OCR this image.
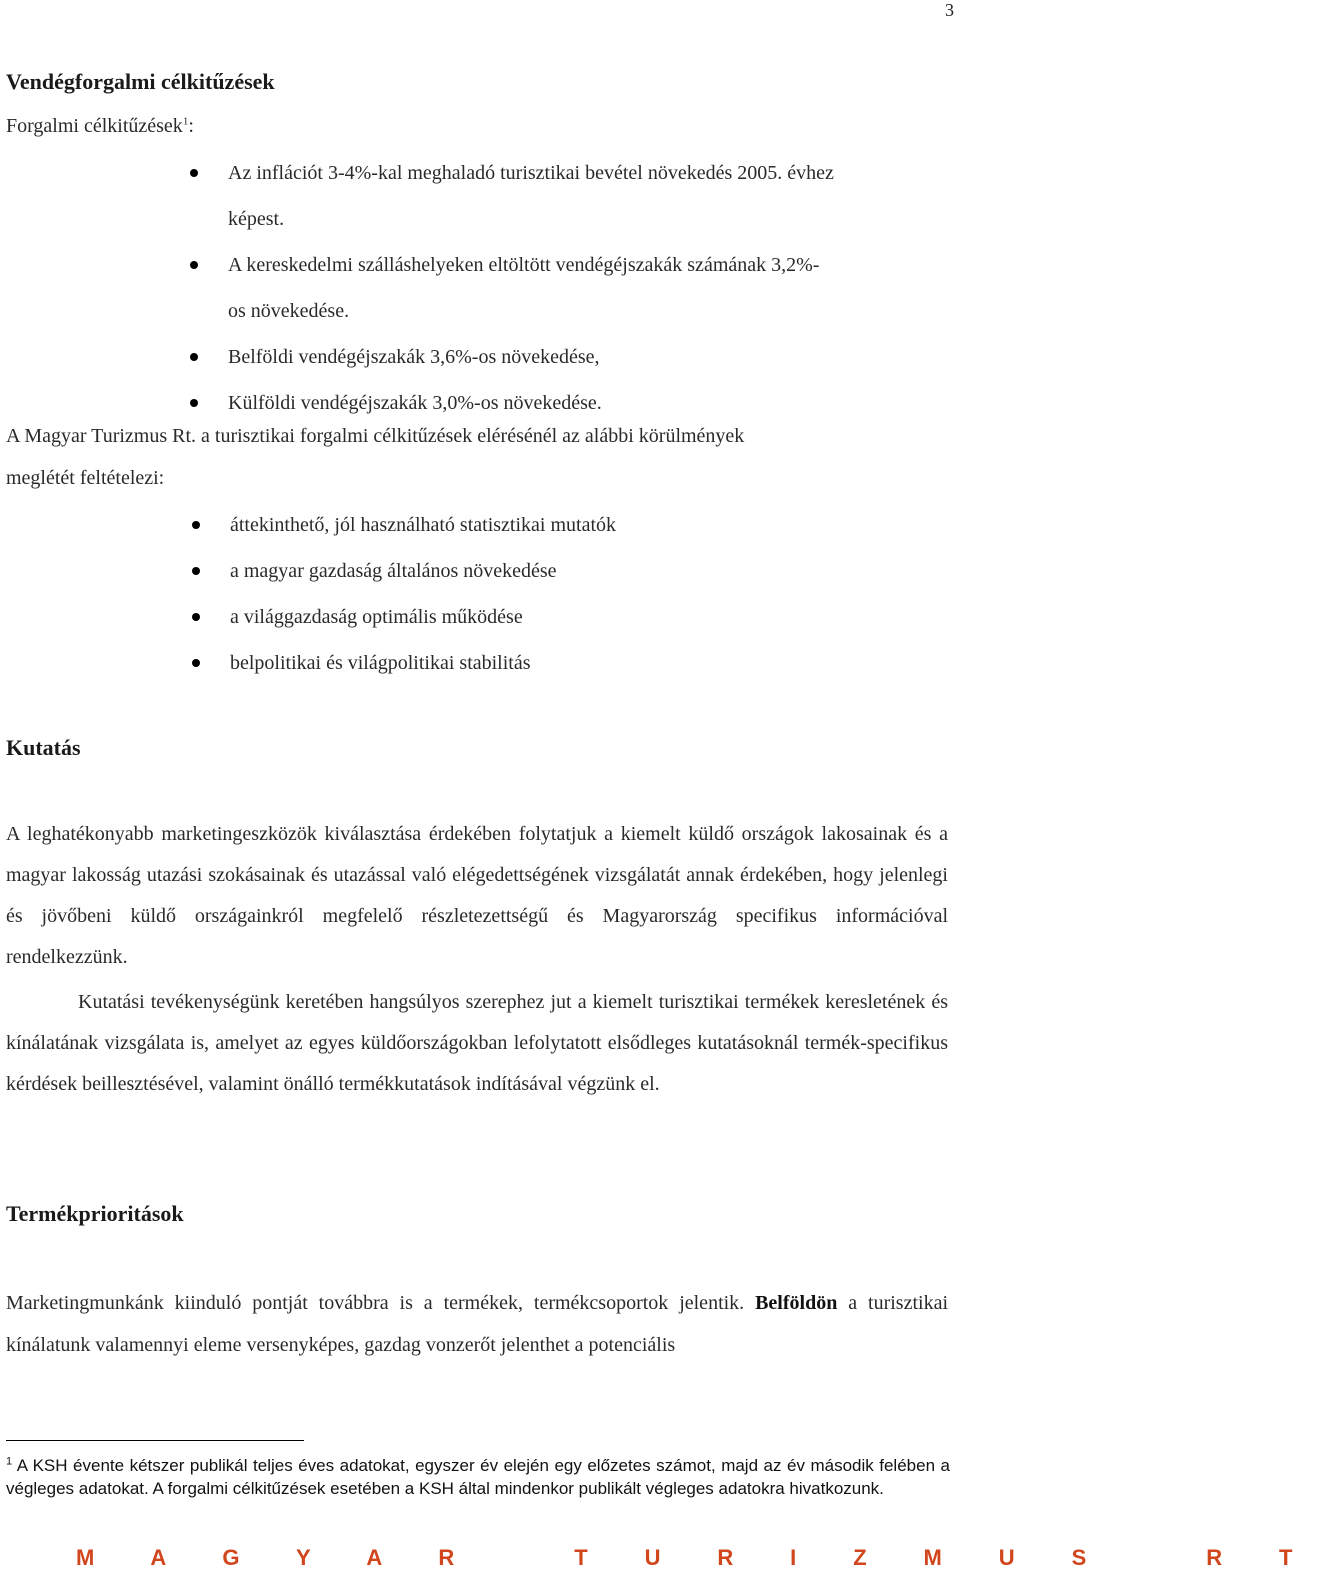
3
Vendégforgalmi célkitűzések
Forgalmi célkitűzések$^1$:
Az inflációt 3-4%-kal meghaladó turisztikai bevétel növekedés 2005. évhez
képest.
A kereskedelmi szálláshelyeken eltöltött vendégéjszakák számának 3,2%-
os növekedése.
Belföldi vendégéjszakák 3,6%-os növekedése,
Külföldi vendégéjszakák 3,0%-os növekedése.
A Magyar Turizmus Rt. a turisztikai forgalmi célkitűzések elérésénél az alábbi körülmények
meglétét feltételezi:
áttekinthető, jól használható statisztikai mutatók
a magyar gazdaság általános növekedése
a világgazdaság optimális működése
belpolitikai és világpolitikai stabilitás
Kutatás
A leghatékonyabb marketingeszközök kiválasztása érdekében folytatjuk a kiemelt küldő országok lakosainak és a magyar lakosság utazási szokásainak és utazással való elégedettségének vizsgálatát annak érdekében, hogy jelenlegi és jövőbeni küldő országainkról megfelelő részletezettségű és Magyarország specifikus információval rendelkezzünk.
Kutatási tevékenységünk keretében hangsúlyos szerephez jut a kiemelt turisztikai termékek keresletének és kínálatának vizsgálata is, amelyet az egyes küldőországokban lefolytatott elsődleges kutatásoknál termék-specifikus kérdések beillesztésével, valamint önálló termékkutatások indításával végzünk el.
Termékprioritások
Marketingmunkánk kiinduló pontját továbbra is a termékek, termékcsoportok jelentik. Belföldön a turisztikai kínálatunk valamennyi eleme versenyképes, gazdag vonzerőt jelenthet a potenciális
$^1$ A KSH évente kétszer publikál teljes éves adatokat, egyszer év elején egy előzetes számot, majd az év második felében a végleges adatokat. A forgalmi célkitűzések esetében a KSH által mindenkor publikált végleges adatokra hivatkozunk.
M A G Y A R   T U R I Z M U S   R T
